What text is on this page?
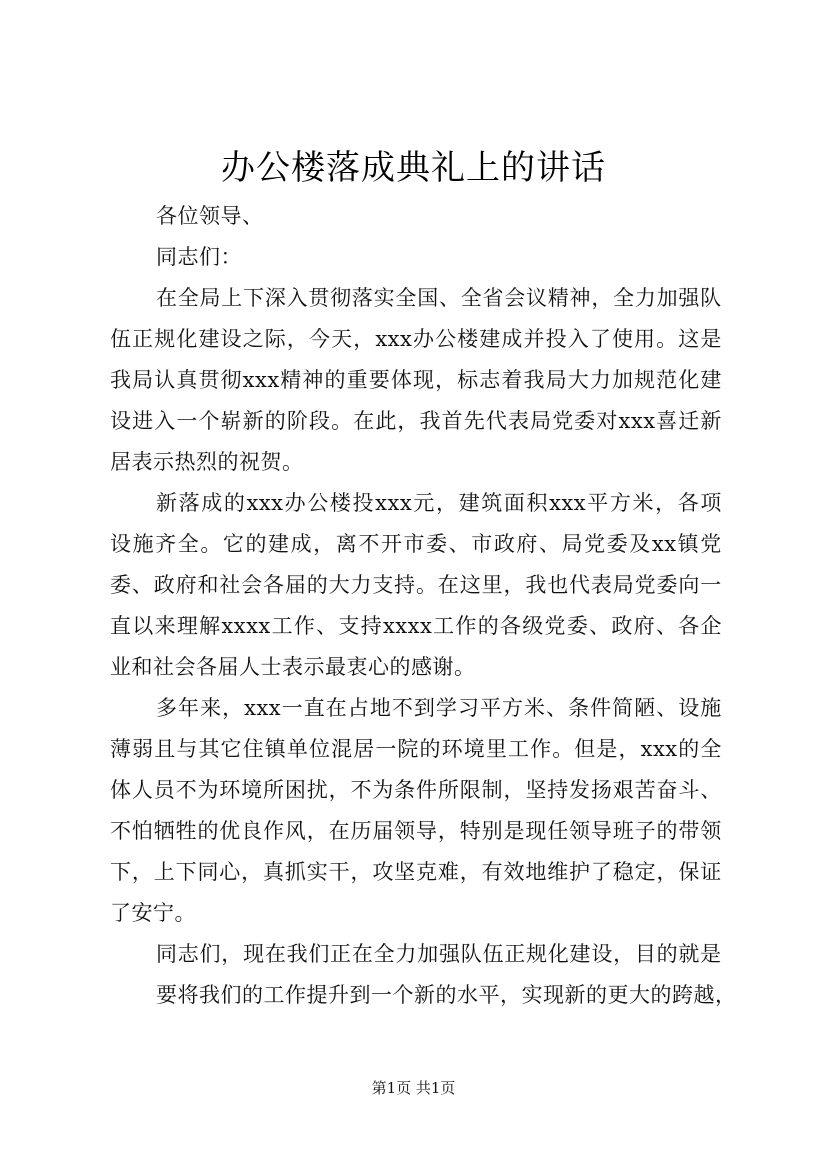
办公楼落成典礼上的讲话
各位领导、
同志们：
在 全 局 上 下 深 入 贯 彻 落 实 全 国 、 全 省 会 议 精 神 ， 全 力 加 强 队
伍 正 规 化 建 设 之 际 ， 今 天 ， xxx 办 公 楼 建 成 并 投 入 了 使 用 。 这 是
我 局 认 真 贯 彻 xxx 精 神 的 重 要 体 现 ， 标 志 着 我 局 大 力 加 规 范 化 建
设 进 入 一 个 崭 新 的 阶 段 。 在 此 ， 我 首 先 代 表 局 党 委 对 xxx 喜 迁 新
居表示热烈的祝贺。
新 落 成 的 xxx 办 公 楼 投 xxx 元 ， 建 筑 面 积 xxx 平 方 米 ， 各 项
设 施 齐 全 。 它 的 建 成 ， 离 不 开 市 委 、 市 政 府 、 局 党 委 及 xx 镇 党
委 、 政 府 和 社 会 各 届 的 大 力 支 持 。 在 这 里 ， 我 也 代 表 局 党 委 向 一
直 以 来 理 解 xxxx 工 作 、 支 持 xxxx 工 作 的 各 级 党 委 、 政 府 、 各 企
业和社会各届人士表示最衷心的感谢。
多 年 来 ， xxx 一 直 在 占 地 不 到 学 习 平 方 米 、 条 件 简 陋 、 设 施
薄 弱 且 与 其 它 住 镇 单 位 混 居 一 院 的 环 境 里 工 作 。 但 是 ， xxx 的 全
体 人 员 不 为 环 境 所 困 扰 ， 不 为 条 件 所 限 制 ， 坚 持 发 扬 艰 苦 奋 斗 、
不 怕 牺 牲 的 优 良 作 风 ， 在 历 届 领 导 ， 特 别 是 现 任 领 导 班 子 的 带 领
下 ， 上 下 同 心 ， 真 抓 实 干 ， 攻 坚 克 难 ， 有 效 地 维 护 了 稳 定 ， 保 证
了安宁。
同 志 们 ， 现 在 我 们 正 在 全 力 加 强 队 伍 正 规 化 建 设 ， 目 的 就 是
要 将 我 们 的 工 作 提 升 到 一 个 新 的 水 平 ， 实 现 新 的 更 大 的 跨 越 ，
第1页 共1页
